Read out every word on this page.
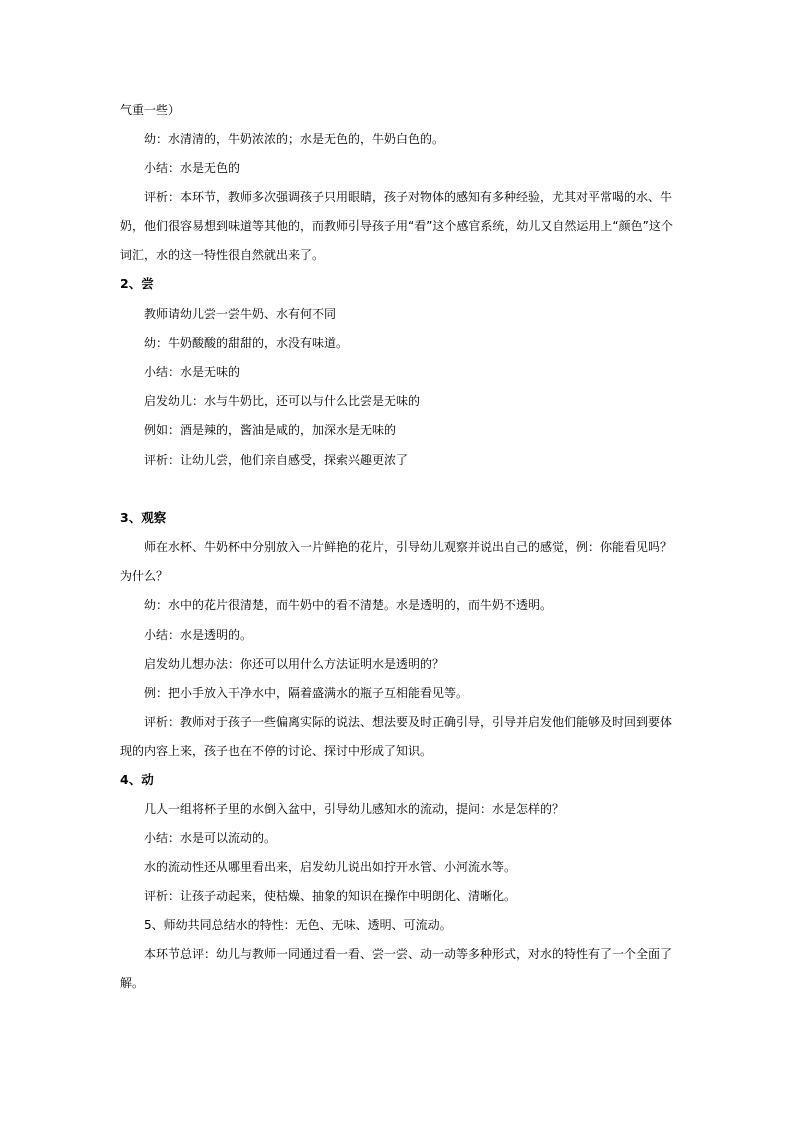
气重一些）
幼：水清清的，牛奶浓浓的；水是无色的，牛奶白色的。
小结：水是无色的
评析：本环节，教师多次强调孩子只用眼睛，孩子对物体的感知有多种经验，尤其对平常喝的水、牛
奶，他们很容易想到味道等其他的，而教师引导孩子用“看”这个感官系统，幼儿又自然运用上“颜色”这个
词汇，水的这一特性很自然就出来了。
2、尝
教师请幼儿尝一尝牛奶、水有何不同
幼：牛奶酸酸的甜甜的，水没有味道。
小结：水是无味的
启发幼儿：水与牛奶比，还可以与什么比尝是无味的
例如：酒是辣的，酱油是咸的，加深水是无味的
评析：让幼儿尝，他们亲自感受，探索兴趣更浓了
3、观察
师在水杯、牛奶杯中分别放入一片鲜艳的花片，引导幼儿观察并说出自己的感觉，例：你能看见吗？
为什么？
幼：水中的花片很清楚，而牛奶中的看不清楚。水是透明的，而牛奶不透明。
小结：水是透明的。
启发幼儿想办法：你还可以用什么方法证明水是透明的？
例：把小手放入干净水中，隔着盛满水的瓶子互相能看见等。
评析：教师对于孩子一些偏离实际的说法、想法要及时正确引导，引导并启发他们能够及时回到要体
现的内容上来，孩子也在不停的讨论、探讨中形成了知识。
4、动
几人一组将杯子里的水倒入盆中，引导幼儿感知水的流动，提问：水是怎样的？
小结：水是可以流动的。
水的流动性还从哪里看出来，启发幼儿说出如拧开水管、小河流水等。
评析：让孩子动起来，使枯燥、抽象的知识在操作中明朗化、清晰化。
5、师幼共同总结水的特性：无色、无味、透明、可流动。
本环节总评：幼儿与教师一同通过看一看、尝一尝、动一动等多种形式，对水的特性有了一个全面了
解。
